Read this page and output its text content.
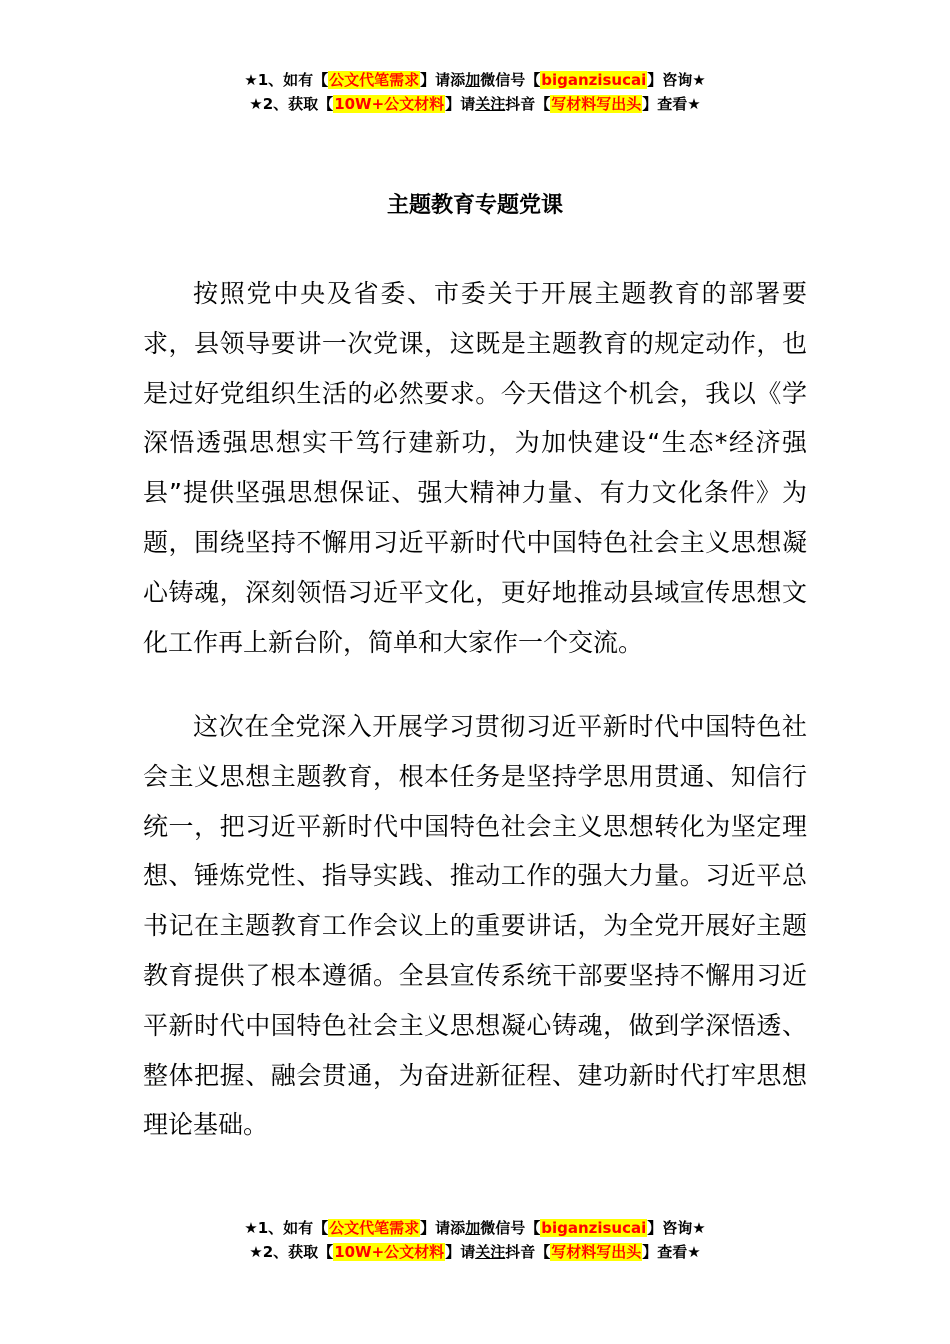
★1、如有【公文代笔需求】请添加微信号【biganzisucai】咨询★
★2、获取【10W+公文材料】请关注抖音【写材料写出头】查看★
主题教育专题党课

按照党中央及省委、市委关于开展主题教育的部署要求，县领导要讲一次党课，这既是主题教育的规定动作，也是过好党组织生活的必然要求。今天借这个机会，我以《学深悟透强思想实干笃行建新功，为加快建设“生态*经济强县”提供坚强思想保证、强大精神力量、有力文化条件》为题，围绕坚持不懈用习近平新时代中国特色社会主义思想凝心铸魂，深刻领悟习近平文化，更好地推动县域宣传思想文化工作再上新台阶，简单和大家作一个交流。

这次在全党深入开展学习贯彻习近平新时代中国特色社会主义思想主题教育，根本任务是坚持学思用贯通、知信行统一，把习近平新时代中国特色社会主义思想转化为坚定理想、锤炼党性、指导实践、推动工作的强大力量。习近平总书记在主题教育工作会议上的重要讲话，为全党开展好主题教育提供了根本遵循。全县宣传系统干部要坚持不懈用习近平新时代中国特色社会主义思想凝心铸魂，做到学深悟透、整体把握、融会贯通，为奋进新征程、建功新时代打牢思想理论基础。

★1、如有【公文代笔需求】请添加微信号【biganzisucai】咨询★
★2、获取【10W+公文材料】请关注抖音【写材料写出头】查看★
